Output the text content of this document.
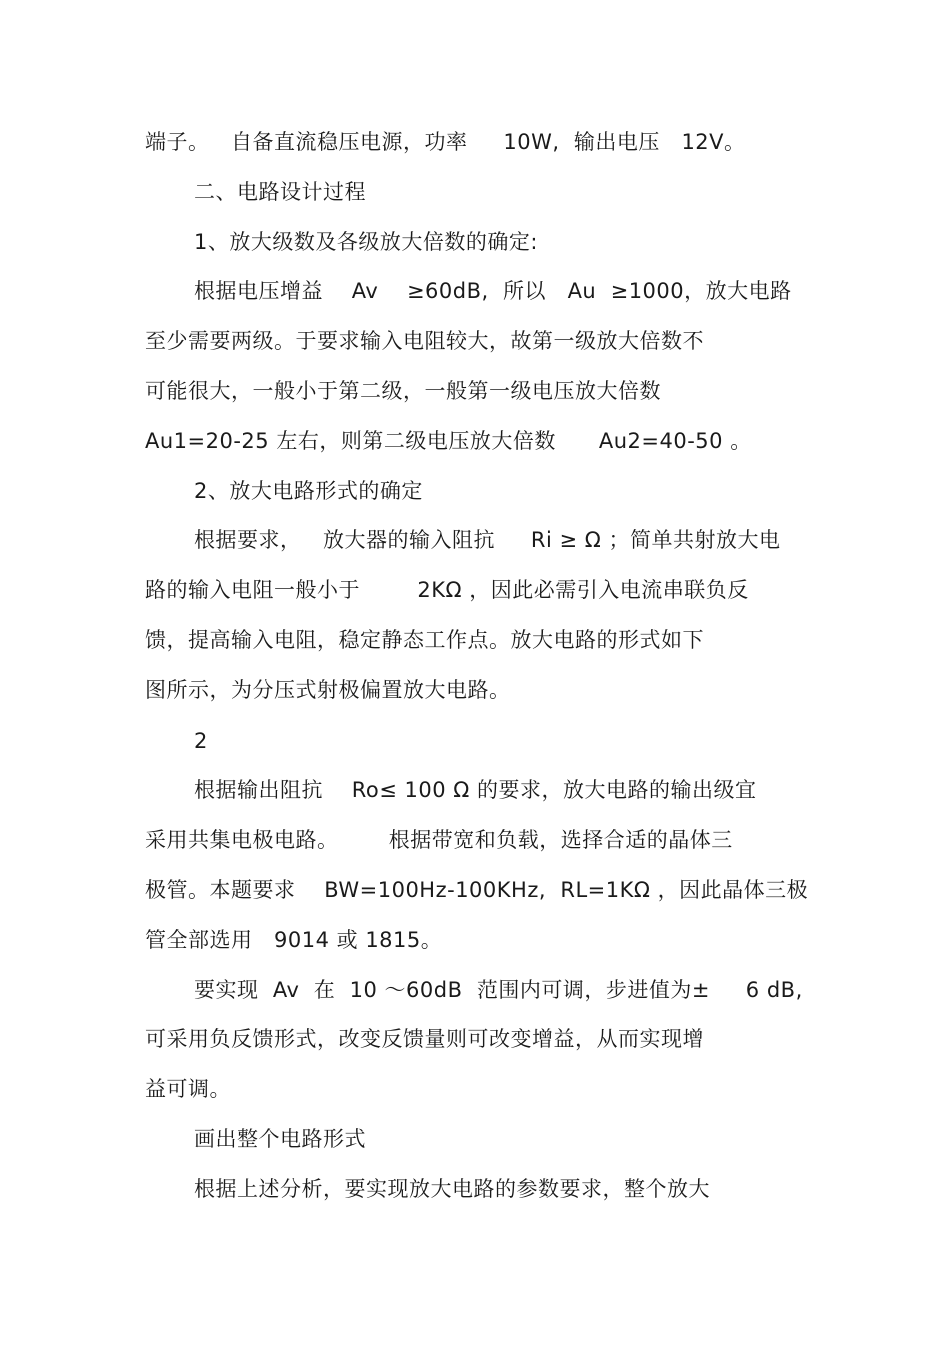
端子。   自备直流稳压电源，功率     10W,  输出电压   12V。
二、电路设计过程
1、放大级数及各级放大倍数的确定:
根据电压增益    Av    ≥60dB,  所以   Au  ≥1000，放大电路
至少需要两级。于要求输入电阻较大，故第一级放大倍数不
可能很大，一般小于第二级，一般第一级电压放大倍数
Au1=20-25 左右，则第二级电压放大倍数      Au2=40-50 。
2、放大电路形式的确定
根据要求，   放大器的输入阻抗     Ri ≥ Ω ；简单共射放大电
路的输入电阻一般小于        2KΩ ，因此必需引入电流串联负反
馈，提高输入电阻，稳定静态工作点。放大电路的形式如下
图所示，为分压式射极偏置放大电路。
2
根据输出阻抗    Ro≤ 100 Ω 的要求，放大电路的输出级宜
采用共集电极电路。       根据带宽和负载，选择合适的晶体三
极管。本题要求    BW=100Hz-100KHz,  RL=1KΩ ，因此晶体三极
管全部选用   9014 或 1815。
要实现  Av  在  10 ～60dB  范围内可调，步进值为±     6 dB,
可采用负反馈形式，改变反馈量则可改变增益，从而实现增
益可调。
画出整个电路形式
根据上述分析，要实现放大电路的参数要求，整个放大
